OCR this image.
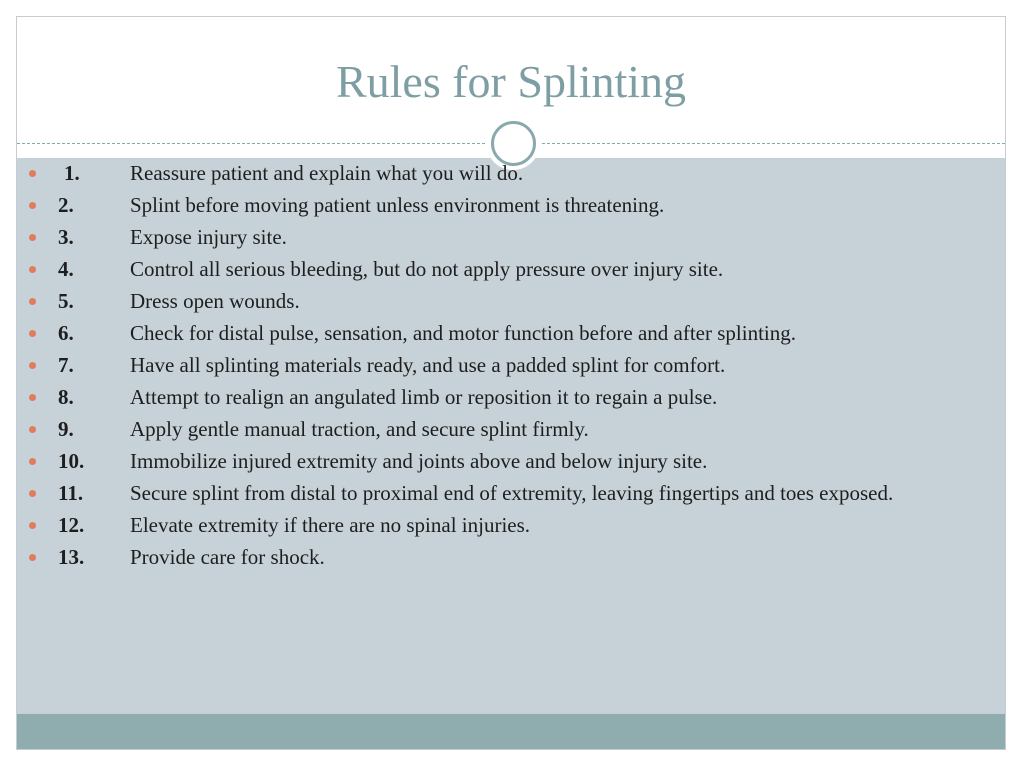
Rules for Splinting
1. Reassure patient and explain what you will do.
2.	Splint before moving patient unless environment is threatening.
3.	Expose injury site.
4.	Control all serious bleeding, but do not apply pressure over injury site.
5.	Dress open wounds.
6.	Check for distal pulse, sensation, and motor function before and after splinting.
7.	Have all splinting materials ready, and use a padded splint for comfort.
8.	Attempt to realign an angulated limb or reposition it to regain a pulse.
9.	Apply gentle manual traction, and secure splint firmly.
10. Immobilize injured extremity and joints above and below injury site.
11. Secure splint from distal to proximal end of extremity, leaving fingertips and toes exposed.
12. Elevate extremity if there are no spinal injuries.
13. Provide care for shock.
